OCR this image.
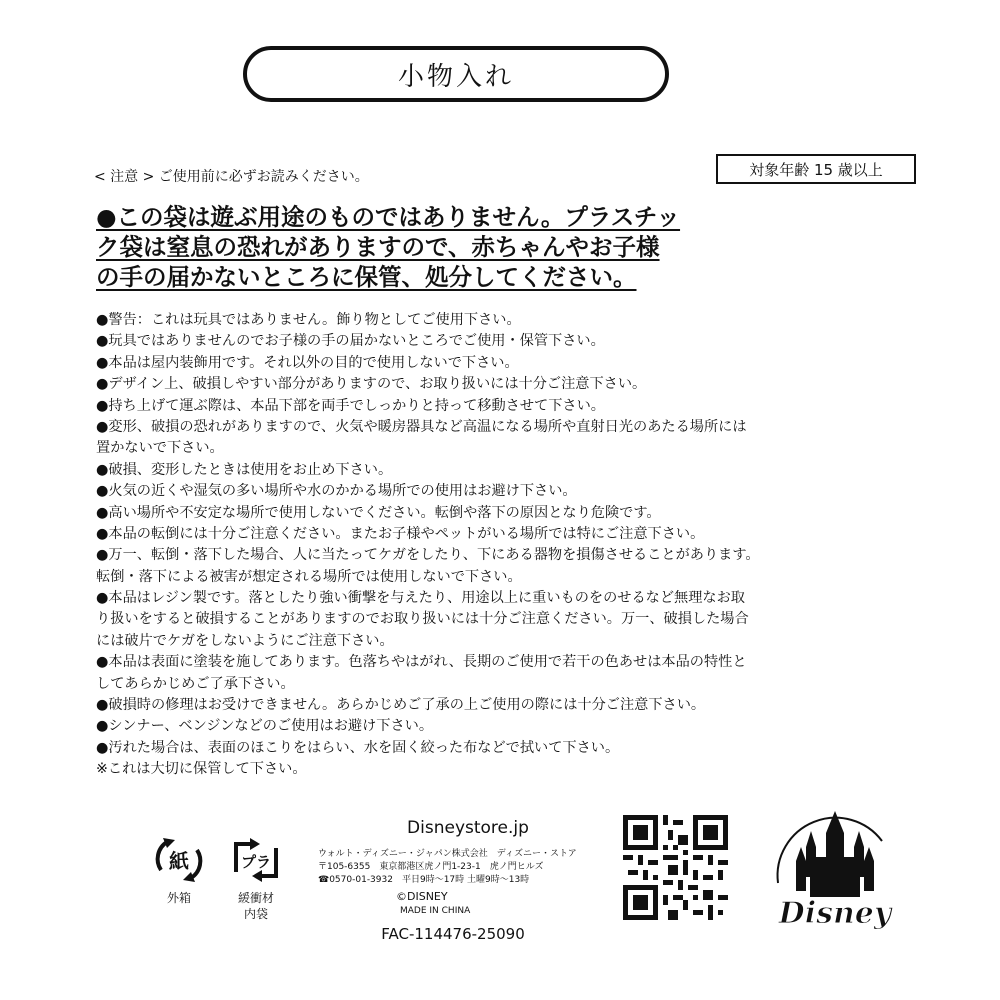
小物入れ
< 注意 > ご使用前に必ずお読みください。	対象年齢 15 歳以上
●この袋は遊ぶ用途のものではありません。プラスチッ
ク袋は窒息の恐れがありますので、赤ちゃんやお子様
の手の届かないところに保管、処分してください。
●警告：これは玩具ではありません。飾り物としてご使用下さい。
●玩具ではありませんのでお子様の手の届かないところでご使用・保管下さい。
●本品は屋内装飾用です。それ以外の目的で使用しないで下さい。
●デザイン上、破損しやすい部分がありますので、お取り扱いには十分ご注意下さい。
●持ち上げて運ぶ際は、本品下部を両手でしっかりと持って移動させて下さい。
●変形、破損の恐れがありますので、火気や暖房器具など高温になる場所や直射日光のあたる場所には
置かないで下さい。
●破損、変形したときは使用をお止め下さい。
●火気の近くや湿気の多い場所や水のかかる場所での使用はお避け下さい。
●高い場所や不安定な場所で使用しないでください。転倒や落下の原因となり危険です。
●本品の転倒には十分ご注意ください。またお子様やペットがいる場所では特にご注意下さい。
●万一、転倒・落下した場合、人に当たってケガをしたり、下にある器物を損傷させることがあります。
転倒・落下による被害が想定される場所では使用しないで下さい。
●本品はレジン製です。落としたり強い衝撃を与えたり、用途以上に重いものをのせるなど無理なお取
り扱いをすると破損することがありますのでお取り扱いには十分ご注意ください。万一、破損した場合
には破片でケガをしないようにご注意下さい。
●本品は表面に塗装を施してあります。色落ちやはがれ、長期のご使用で若干の色あせは本品の特性と
してあらかじめご了承下さい。
●破損時の修理はお受けできません。あらかじめご了承の上ご使用の際には十分ご注意下さい。
●シンナー、ベンジンなどのご使用はお避け下さい。
●汚れた場合は、表面のほこりをはらい、水を固く絞った布などで拭いて下さい。
※これは大切に保管して下さい。
紙
外箱
プラ
緩衝材
内袋
Disneystore.jp
ウォルト・ディズニー・ジャパン株式会社　ディズニー・ストア
〒105-6355　東京都港区虎ノ門1-23-1　虎ノ門ヒルズ
☎0570-01-3932　平日9時～17時 土曜9時～13時
©DISNEY
MADE IN CHINA
FAC-114476-25090
Disney
